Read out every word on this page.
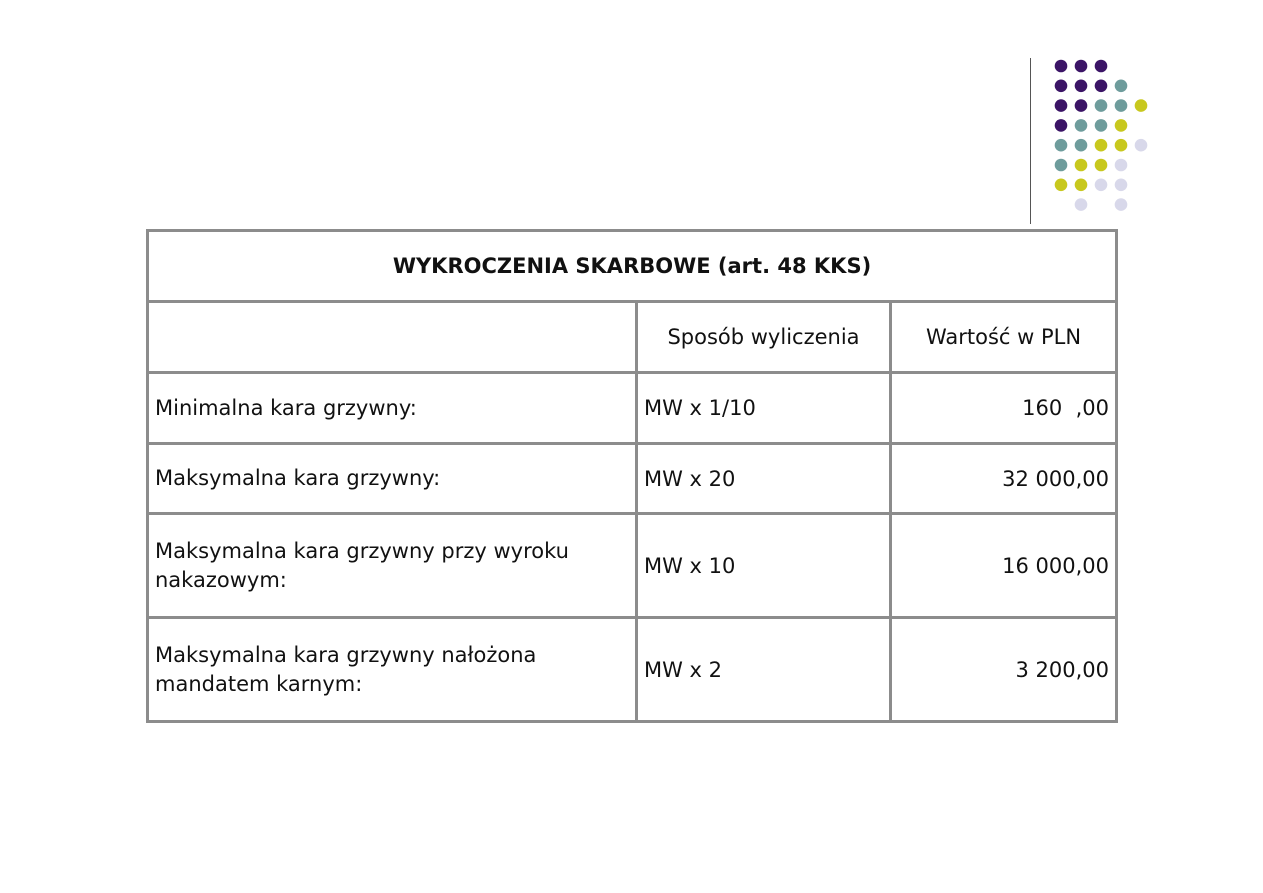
WYKROCZENIA SKARBOWE (art. 48 KKS)		
	Sposób wyliczenia	Wartość w PLN
Minimalna kara grzywny:	MW x 1/10	160  ,00
Maksymalna kara grzywny:	MW x 20	32 000,00
Maksymalna kara grzywny przy wyroku nakazowym:	MW x 10	16 000,00
Maksymalna kara grzywny nałożona mandatem karnym:	MW x 2	3 200,00
